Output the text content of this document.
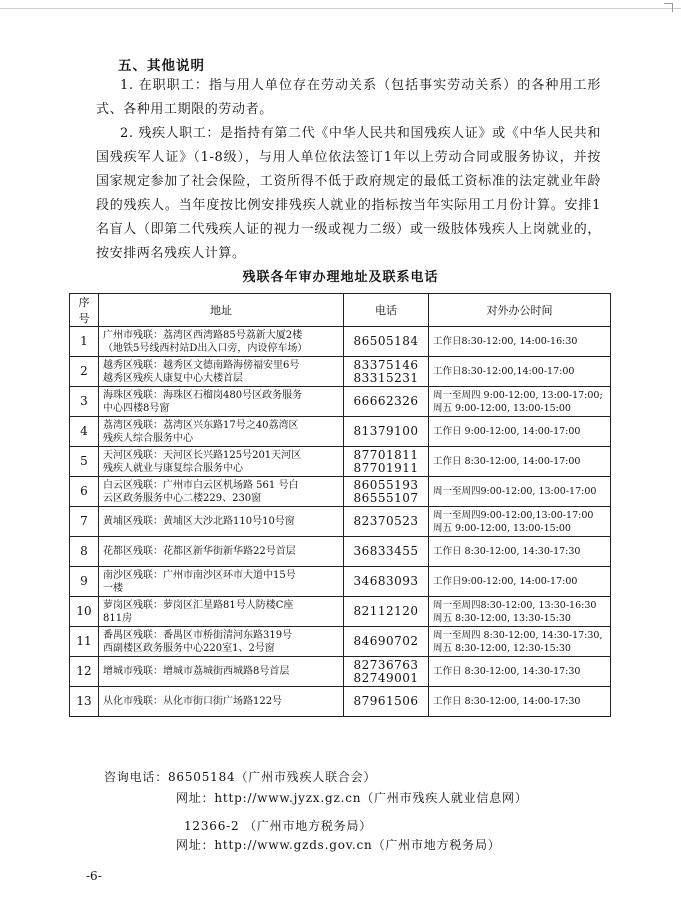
五、其他说明
1. 在职职工：指与用人单位存在劳动关系（包括事实劳动关系）的各种用工形式、各种用工期限的劳动者。
2. 残疾人职工：是指持有第二代《中华人民共和国残疾人证》或《中华人民共和国残疾军人证》（1-8级），与用人单位依法签订1年以上劳动合同或服务协议，并按国家规定参加了社会保险，工资所得不低于政府规定的最低工资标准的法定就业年龄段的残疾人。当年度按比例安排残疾人就业的指标按当年实际用工月份计算。安排1名盲人（即第二代残疾人证的视力一级或视力二级）或一级肢体残疾人上岗就业的，按安排两名残疾人计算。
残联各年审办理地址及联系电话
序号	地址	电话	对外办公时间
1	广州市残联：荔湾区西湾路85号荔新大厦2楼
（地铁5号线西村站D出入口旁，内设停车场）	86505184	工作日8:30-12:00, 14:00-16:30

2	越秀区残联：越秀区文德南路海傍福安里6号
越秀区残疾人康复中心大楼首层	83375146
83315231	工作日8:30-12:00,14:00-17:00

3	海珠区残联：海珠区石榴岗480号区政务服务
中心四楼8号窗	66662326	周一至周四 9:00-12:00, 13:00-17:00;
周五 9:00-12:00, 13:00-15:00

4	荔湾区残联：荔湾区兴东路17号之40荔湾区
残疾人综合服务中心	81379100	工作日 9:00-12:00, 14:00-17:00

5	天河区残联：天河区长兴路125号201天河区
残疾人就业与康复综合服务中心	87701811
87701911	工作日 8:30-12:00, 14:00-17:00

6	白云区残联：广州市白云区机场路 561 号白
云区政务服务中心二楼229、230窗	86055193
86555107	周一至周四9:00-12:00, 13:00-17:00

7	黄埔区残联：黄埔区大沙北路110号10号窗	82370523	周一至周四9:00-12:00,13:00-17:00
周五 9:00-12:00, 13:00-15:00

8	花都区残联：花都区新华街新华路22号首层	36833455	工作日 8:30-12:00, 14:30-17:30

9	南沙区残联：广州市南沙区环市大道中15号
一楼	34683093	工作日9:00-12:00, 14:00-17:00

10	萝岗区残联：萝岗区汇星路81号人防楼C座
811房	82112120	周一至周四8:30-12:00, 13:30-16:30
周五 8:30-12:00, 13:30-15:30

11	番禺区残联：番禺区市桥街清河东路319号
西副楼区政务服务中心220室1、2号窗	84690702	周一至周四 8:30-12:00, 14:30-17:30,
周五 8:30-12:00, 12:30-15:30

12	增城市残联：增城市荔城街西城路8号首层	82736763
82749001	工作日 8:30-12:00, 14:30-17:30

13	从化市残联：从化市街口街广场路122号	87961506	工作日 8:30-12:00, 14:00-17:30
咨询电话：86505184（广州市残疾人联合会）
网址：http://www.jyzx.gz.cn（广州市残疾人就业信息网）
12366-2 （广州市地方税务局）
网址：http://www.gzds.gov.cn（广州市地方税务局）
-6-
